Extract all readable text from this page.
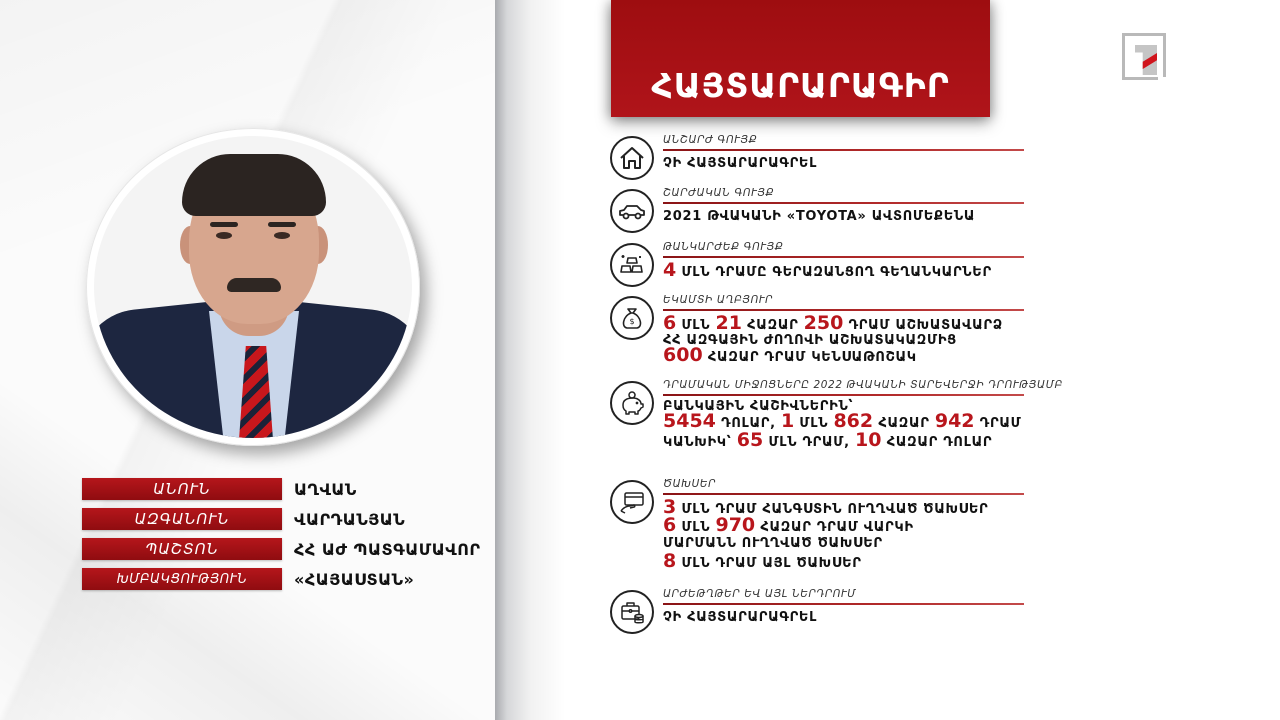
ԱՆՈՒՆ	ԱՂՎԱՆ
ԱԶԳԱՆՈՒՆ	ՎԱՐԴԱՆՅԱՆ
ՊԱՇՏՈՆ	ՀՀ ԱԺ ՊԱՏԳԱՄԱՎՈՐ
ԽՄԲԱԿՑՈՒԹՅՈՒՆ	«ՀԱՅԱՍՏԱՆ»
ՀԱՅՏԱՐԱՐԱԳԻՐ
ԱՆՇԱՐԺ ԳՈՒՅՔ
ՉԻ ՀԱՅՏԱՐԱՐԱԳՐԵԼ
ՇԱՐԺԱԿԱՆ ԳՈՒՅՔ
2021 ԹՎԱԿԱՆԻ «TOYOTA» ԱՎՏՈՄԵՔԵՆԱ
ԹԱՆԿԱՐԺԵՔ ԳՈՒՅՔ
4 ՄԼՆ ԴՐԱՄԸ ԳԵՐԱԶԱՆՑՈՂ ԳԵՂԱՆԿԱՐՆԵՐ
$
ԵԿԱՄՏԻ ԱՂԲՅՈՒՐ
6 ՄԼՆ 21 ՀԱԶԱՐ 250 ԴՐԱՄ ԱՇԽԱՏԱՎԱՐՁ
ՀՀ ԱԶԳԱՅԻՆ ԺՈՂՈՎԻ ԱՇԽԱՏԱԿԱԶՄԻՑ
600 ՀԱԶԱՐ ԴՐԱՄ ԿԵՆՍԱԹՈՇԱԿ
ԴՐԱՄԱԿԱՆ ՄԻՋՈՑՆԵՐԸ 2022 ԹՎԱԿԱՆԻ ՏԱՐԵՎԵՐՋԻ ԴՐՈՒԹՅԱՄԲ
ԲԱՆԿԱՅԻՆ ՀԱՇԻՎՆԵՐԻՆ՝
5454 ԴՈԼԱՐ, 1 ՄԼՆ 862 ՀԱԶԱՐ 942 ԴՐԱՄ
ԿԱՆԽԻԿ՝ 65 ՄԼՆ ԴՐԱՄ, 10 ՀԱԶԱՐ ԴՈԼԱՐ
ԾԱԽՍԵՐ
3 ՄԼՆ ԴՐԱՄ ՀԱՆԳՍՏԻՆ ՈՒՂՂՎԱԾ ԾԱԽՍԵՐ
6 ՄԼՆ 970 ՀԱԶԱՐ ԴՐԱՄ ՎԱՐԿԻ
ՄԱՐՄԱՆՆ ՈՒՂՂՎԱԾ ԾԱԽՍԵՐ
8 ՄԼՆ ԴՐԱՄ ԱՅԼ ԾԱԽՍԵՐ
ԱՐԺԵԹՂԹԵՐ ԵՎ ԱՅԼ ՆԵՐԴՐՈՒՄ
ՉԻ ՀԱՅՏԱՐԱՐԱԳՐԵԼ
